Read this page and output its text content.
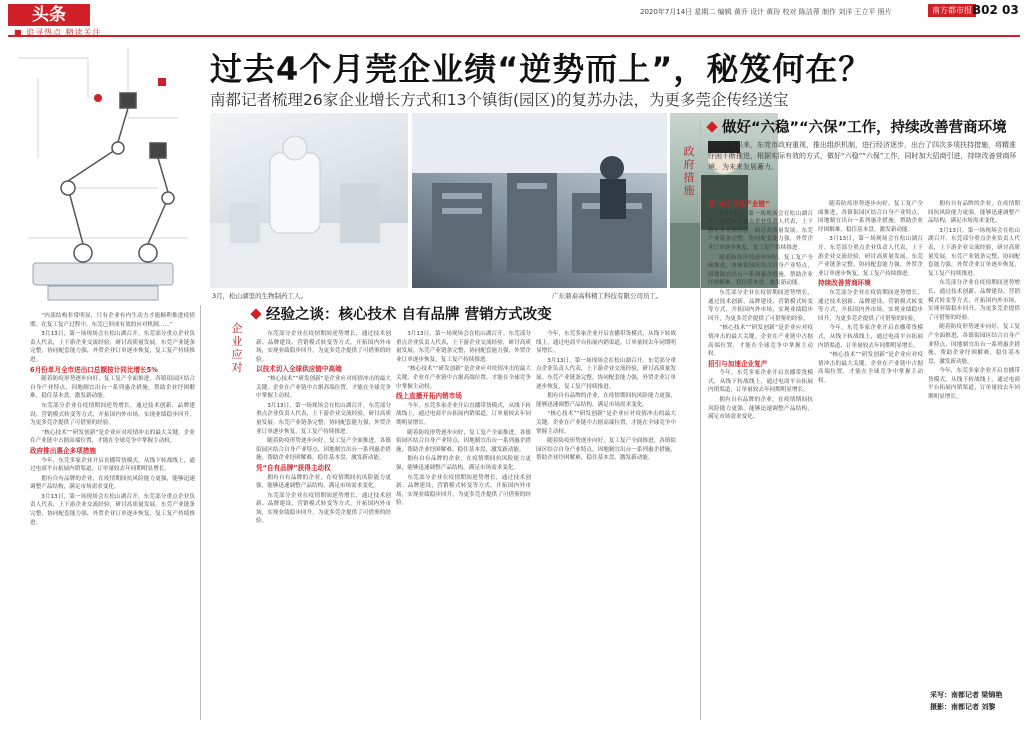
头条
■ 追寻热点 精读关注
2020年7月14日 星期二 编辑 黄乔 设计 黄玢 校对 陈洁蒂 制作 刘洋 王立平 照片	南方都市报 B02 03
过去4个月莞企业绩“逆势而上”，秘笈何在？
南都记者梳理26家企业增长方式和13个镇街(园区)的复苏办法，为更多莞企传经送宝
3月，松山湖里的生物制药工人。	广东鼎泰高科精工科技有限公司员工。
政府措施
做好“六稳”“六保”工作，持续改善营商环境
疫情发生以来，东莞市政府重视，推出组织机制，进行经济逐步，出台了四次多项扶持措施，将精准纾困不断推进，根据实际有效的方式，做好“六稳”“六保”工作，同时加大招商引进，持续改善营商环境，为未来发展蓄力。

保“电子信息产业链”

3月13日，第一场现场会在松山湖召开。东莞部分重点企业负责人代表，上下游企业交流经验，研讨高质量发展。东莞产业链条完整，协同配套能力强，外贸企业订单逐步恢复，复工复产持续推进。

随着防疫形势逐步向好，复工复产全面推进，各镇街园区结合自身产业特点，因地制宜出台一系列惠企措施，帮助企业纾困解难，稳住基本盘，激发新动能。

东莞部分企业在疫情期间逆势增长，通过技术创新、品牌建设、营销模式转变等方式，开拓国内外市场，实现业绩稳步回升，为更多莞企提供了可借鉴的经验。

“核心技术”“研发创新”是企业应对疫情冲击的最大关键。企业在产业链中占据高端位置，才能在全球竞争中掌握主动权。

招引与加速企业复产

今年，东莞多家企业开启直播带货模式，从线下转战线上，通过电商平台拓展内销渠道，订单量较去年同期明显增长。

拥有自有品牌的企业，在疫情期间抗风险能力更强，能够迅速调整产品结构，满足市场需求变化。

随着防疫形势逐步向好，复工复产全面推进，各镇街园区结合自身产业特点，因地制宜出台一系列惠企措施，帮助企业纾困解难，稳住基本盘，激发新动能。

3月13日，第一场现场会在松山湖召开。东莞部分重点企业负责人代表，上下游企业交流经验，研讨高质量发展。东莞产业链条完整，协同配套能力强，外贸企业订单逐步恢复，复工复产持续推进。

持续改善营商环境

东莞部分企业在疫情期间逆势增长，通过技术创新、品牌建设、营销模式转变等方式，开拓国内外市场，实现业绩稳步回升，为更多莞企提供了可借鉴的经验。

今年，东莞多家企业开启直播带货模式，从线下转战线上，通过电商平台拓展内销渠道，订单量较去年同期明显增长。

“核心技术”“研发创新”是企业应对疫情冲击的最大关键。企业在产业链中占据高端位置，才能在全球竞争中掌握主动权。

拥有自有品牌的企业，在疫情期间抗风险能力更强，能够迅速调整产品结构，满足市场需求变化。

3月13日，第一场现场会在松山湖召开。东莞部分重点企业负责人代表，上下游企业交流经验，研讨高质量发展。东莞产业链条完整，协同配套能力强，外贸企业订单逐步恢复，复工复产持续推进。

东莞部分企业在疫情期间逆势增长，通过技术创新、品牌建设、营销模式转变等方式，开拓国内外市场，实现业绩稳步回升，为更多莞企提供了可借鉴的经验。

随着防疫形势逐步向好，复工复产全面推进，各镇街园区结合自身产业特点，因地制宜出台一系列惠企措施，帮助企业纾困解难，稳住基本盘，激发新动能。

今年，东莞多家企业开启直播带货模式，从线下转战线上，通过电商平台拓展内销渠道，订单量较去年同期明显增长。

采写：南都记者 梁锦艳
摄影：南都记者 刘黎
企业应对
经验之谈：核心技术 自有品牌 营销方式改变

东莞部分企业在疫情期间逆势增长，通过技术创新、品牌建设、营销模式转变等方式，开拓国内外市场，实现业绩稳步回升，为更多莞企提供了可借鉴的经验。

以技术切入全球供应链中高端

“核心技术”“研发创新”是企业应对疫情冲击的最大关键。企业在产业链中占据高端位置，才能在全球竞争中掌握主动权。

3月13日，第一场现场会在松山湖召开。东莞部分重点企业负责人代表，上下游企业交流经验，研讨高质量发展。东莞产业链条完整，协同配套能力强，外贸企业订单逐步恢复，复工复产持续推进。

随着防疫形势逐步向好，复工复产全面推进，各镇街园区结合自身产业特点，因地制宜出台一系列惠企措施，帮助企业纾困解难，稳住基本盘，激发新动能。

凭“自有品牌”获得主动权

拥有自有品牌的企业，在疫情期间抗风险能力更强，能够迅速调整产品结构，满足市场需求变化。

东莞部分企业在疫情期间逆势增长，通过技术创新、品牌建设、营销模式转变等方式，开拓国内外市场，实现业绩稳步回升，为更多莞企提供了可借鉴的经验。

3月13日，第一场现场会在松山湖召开。东莞部分重点企业负责人代表，上下游企业交流经验，研讨高质量发展。东莞产业链条完整，协同配套能力强，外贸企业订单逐步恢复，复工复产持续推进。

“核心技术”“研发创新”是企业应对疫情冲击的最大关键。企业在产业链中占据高端位置，才能在全球竞争中掌握主动权。

线上直播开拓内销市场

今年，东莞多家企业开启直播带货模式，从线下转战线上，通过电商平台拓展内销渠道，订单量较去年同期明显增长。

随着防疫形势逐步向好，复工复产全面推进，各镇街园区结合自身产业特点，因地制宜出台一系列惠企措施，帮助企业纾困解难，稳住基本盘，激发新动能。

拥有自有品牌的企业，在疫情期间抗风险能力更强，能够迅速调整产品结构，满足市场需求变化。

东莞部分企业在疫情期间逆势增长，通过技术创新、品牌建设、营销模式转变等方式，开拓国内外市场，实现业绩稳步回升，为更多莞企提供了可借鉴的经验。

今年，东莞多家企业开启直播带货模式，从线下转战线上，通过电商平台拓展内销渠道，订单量较去年同期明显增长。

3月13日，第一场现场会在松山湖召开。东莞部分重点企业负责人代表，上下游企业交流经验，研讨高质量发展。东莞产业链条完整，协同配套能力强，外贸企业订单逐步恢复，复工复产持续推进。

拥有自有品牌的企业，在疫情期间抗风险能力更强，能够迅速调整产品结构，满足市场需求变化。

“核心技术”“研发创新”是企业应对疫情冲击的最大关键。企业在产业链中占据高端位置，才能在全球竞争中掌握主动权。

随着防疫形势逐步向好，复工复产全面推进，各镇街园区结合自身产业特点，因地制宜出台一系列惠企措施，帮助企业纾困解难，稳住基本盘，激发新动能。

“内部结构非常明显，只有企业有内生动力才能顺利推进疫情期。在复工复产过程中，东莞已形成有效的应对机制……”

3月13日，第一场现场会在松山湖召开。东莞部分重点企业负责人代表，上下游企业交流经验，研讨高质量发展。东莞产业链条完整，协同配套能力强，外贸企业订单逐步恢复，复工复产持续推进。

6月份单月全市进出口总额按计同比增长5%

随着防疫形势逐步向好，复工复产全面推进，各镇街园区结合自身产业特点，因地制宜出台一系列惠企措施，帮助企业纾困解难，稳住基本盘，激发新动能。

东莞部分企业在疫情期间逆势增长，通过技术创新、品牌建设、营销模式转变等方式，开拓国内外市场，实现业绩稳步回升，为更多莞企提供了可借鉴的经验。

“核心技术”“研发创新”是企业应对疫情冲击的最大关键。企业在产业链中占据高端位置，才能在全球竞争中掌握主动权。

政府推出惠企多项措施

今年，东莞多家企业开启直播带货模式，从线下转战线上，通过电商平台拓展内销渠道，订单量较去年同期明显增长。

拥有自有品牌的企业，在疫情期间抗风险能力更强，能够迅速调整产品结构，满足市场需求变化。

3月13日，第一场现场会在松山湖召开。东莞部分重点企业负责人代表，上下游企业交流经验，研讨高质量发展。东莞产业链条完整，协同配套能力强，外贸企业订单逐步恢复，复工复产持续推进。
